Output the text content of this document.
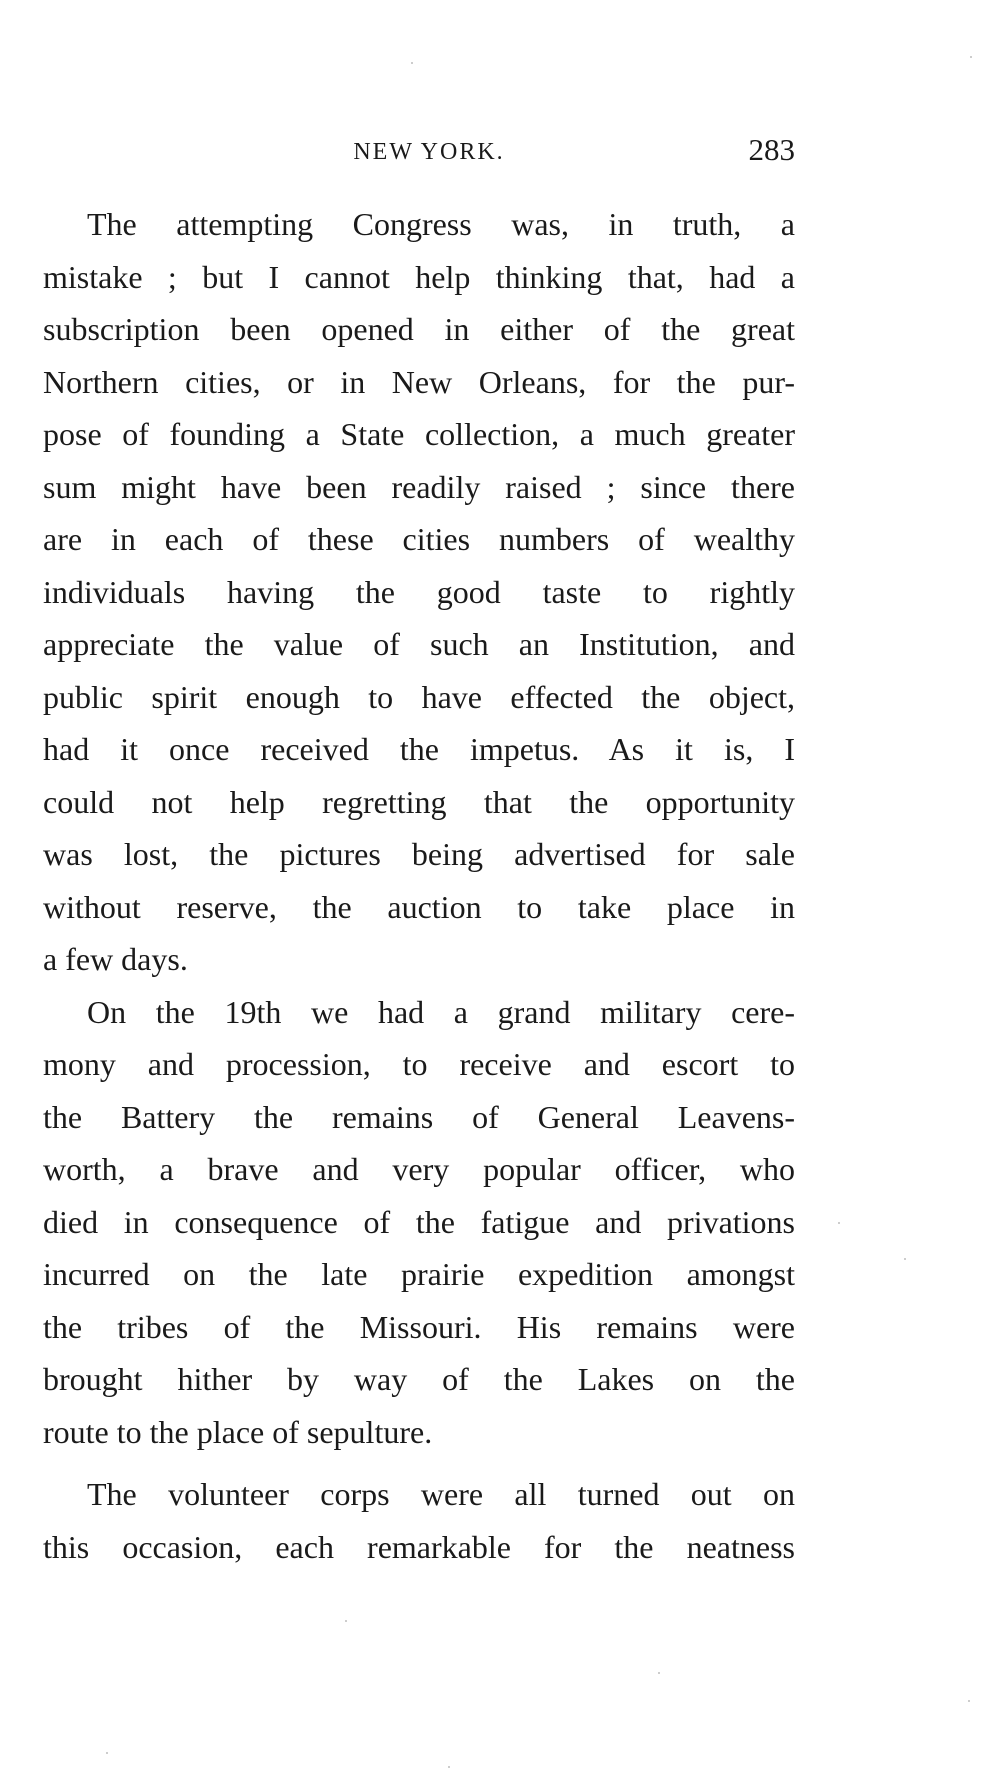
NEW YORK.	283
The attempting Congress was, in truth, a
mistake ; but I cannot help thinking that, had a
subscription been opened in either of the great
Northern cities, or in New Orleans, for the pur-
pose of founding a State collection, a much greater
sum might have been readily raised ; since there
are in each of these cities numbers of wealthy
individuals having the good taste to rightly
appreciate the value of such an Institution, and
public spirit enough to have effected the object,
had it once received the impetus. As it is, I
could not help regretting that the opportunity
was lost, the pictures being advertised for sale
without reserve, the auction to take place in
a few days.
On the 19th we had a grand military cere-
mony and procession, to receive and escort to
the Battery the remains of General Leavens-
worth, a brave and very popular officer, who
died in consequence of the fatigue and privations
incurred on the late prairie expedition amongst
the tribes of the Missouri. His remains were
brought hither by way of the Lakes on the
route to the place of sepulture.
The volunteer corps were all turned out on
this occasion, each remarkable for the neatness
